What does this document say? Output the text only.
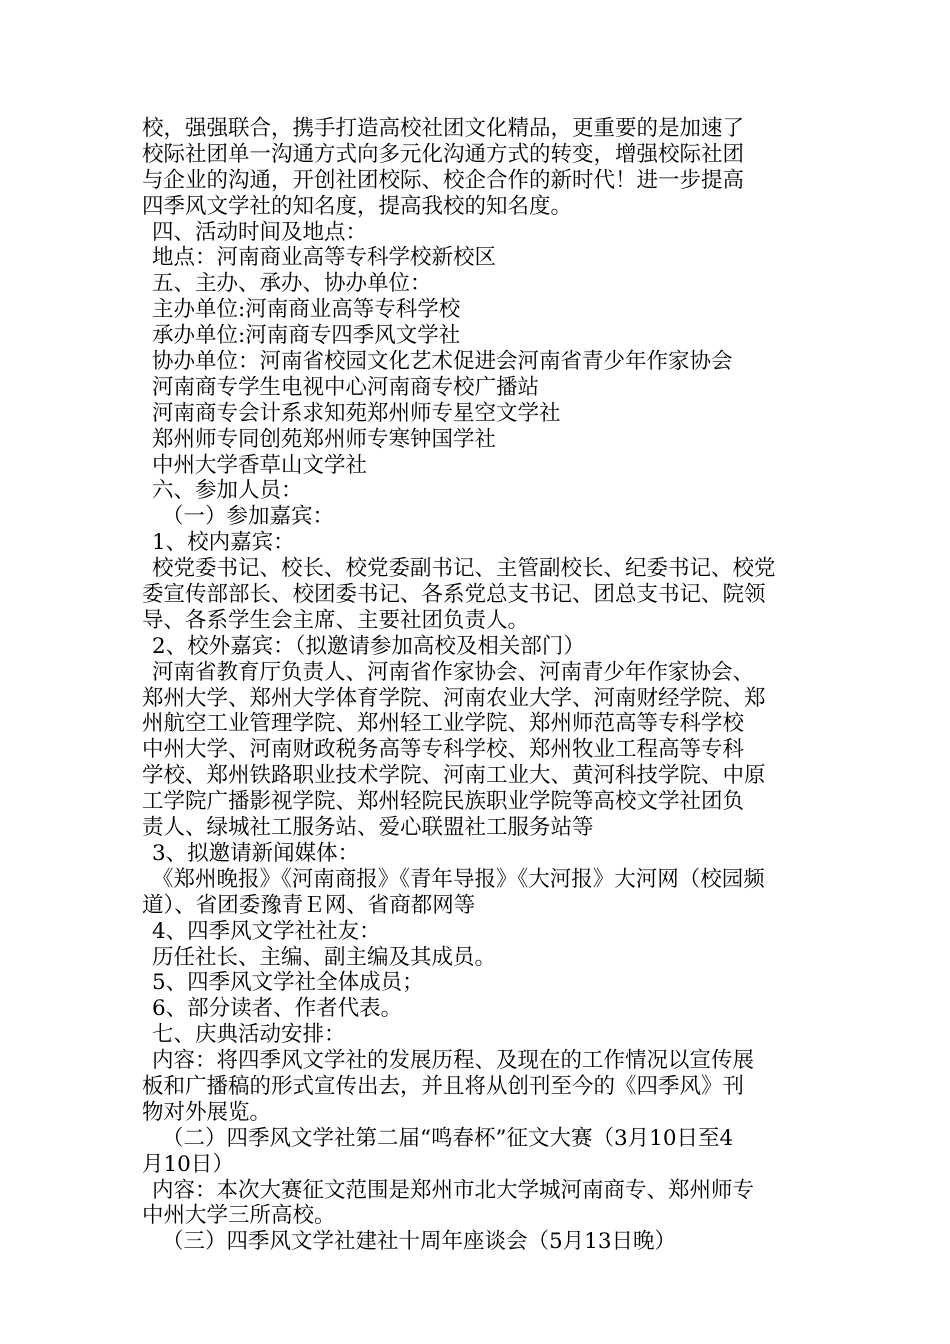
校，强强联合，携手打造高校社团文化精品，更重要的是加速了
校际社团单一沟通方式向多元化沟通方式的转变，增强校际社团
与企业的沟通，开创社团校际、校企合作的新时代！进一步提高
四季风文学社的知名度，提高我校的知名度。
四、活动时间及地点：
地点：河南商业高等专科学校新校区
五、主办、承办、协办单位：
主办单位:河南商业高等专科学校
承办单位:河南商专四季风文学社
协办单位：河南省校园文化艺术促进会河南省青少年作家协会
河南商专学生电视中心河南商专校广播站
河南商专会计系求知苑郑州师专星空文学社
郑州师专同创苑郑州师专寒钟国学社
中州大学香草山文学社
六、参加人员：
（一）参加嘉宾：
1、校内嘉宾：
校党委书记、校长、校党委副书记、主管副校长、纪委书记、校党
委宣传部部长、校团委书记、各系党总支书记、团总支书记、院领
导、各系学生会主席、主要社团负责人。
2、校外嘉宾：（拟邀请参加高校及相关部门）
河南省教育厅负责人、河南省作家协会、河南青少年作家协会、
郑州大学、郑州大学体育学院、河南农业大学、河南财经学院、郑
州航空工业管理学院、郑州轻工业学院、郑州师范高等专科学校
中州大学、河南财政税务高等专科学校、郑州牧业工程高等专科
学校、郑州铁路职业技术学院、河南工业大、黄河科技学院、中原
工学院广播影视学院、郑州轻院民族职业学院等高校文学社团负
责人、绿城社工服务站、爱心联盟社工服务站等
3、拟邀请新闻媒体：
《郑州晚报》《河南商报》《青年导报》《大河报》大河网（校园频
道）、省团委豫青Ｅ网、省商都网等
4、四季风文学社社友：
历任社长、主编、副主编及其成员。
5、四季风文学社全体成员；
6、部分读者、作者代表。
七、庆典活动安排：
内容：将四季风文学社的发展历程、及现在的工作情况以宣传展
板和广播稿的形式宣传出去，并且将从创刊至今的《四季风》刊
物对外展览。
（二）四季风文学社第二届“鸣春杯”征文大赛（3月10日至4
月10日）
内容：本次大赛征文范围是郑州市北大学城河南商专、郑州师专
中州大学三所高校。
（三）四季风文学社建社十周年座谈会（5月13日晚）
